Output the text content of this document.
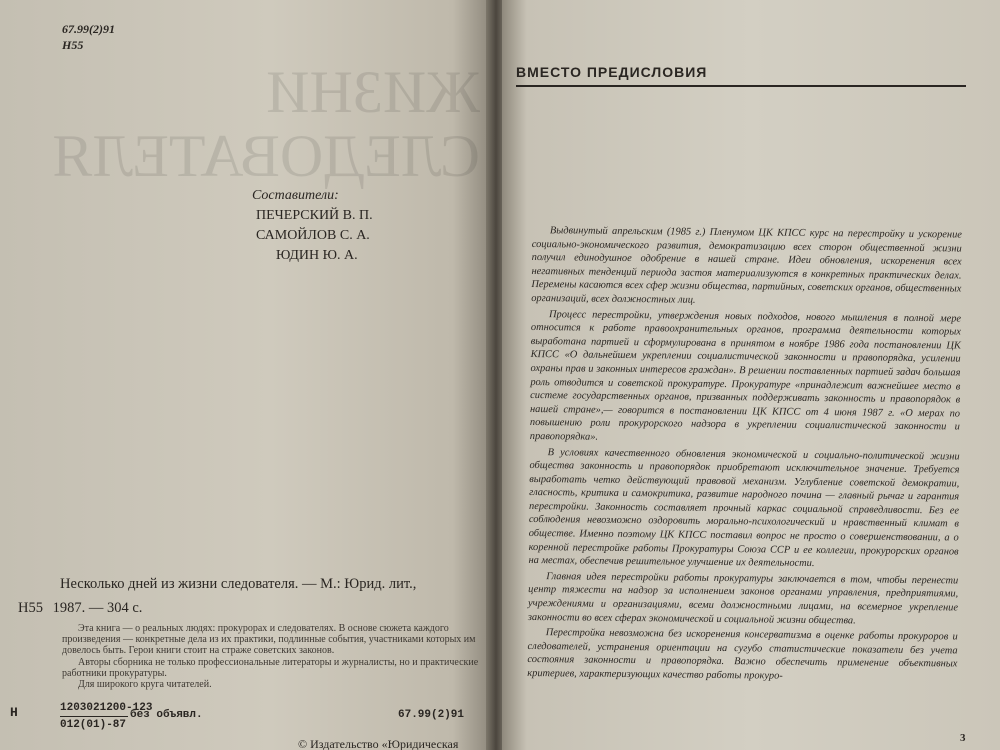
ЖИЗНИ СЛЕДОВАТЕЛЯ
67.99(2)91
Н55
Составители:
ПЕЧЕРСКИЙ В. П.
САМОЙЛОВ С. А.
ЮДИН Ю. А.
Несколько дней из жизни следователя. — М.: Юрид. лит.,
Н55 1987. — 304 с.

Эта книга — о реальных людях: прокурорах и следователях. В основе сюжета каждого произведения — конкретные дела из их практики, подлинные события, участниками которых им довелось быть. Герои книги стоит на страже советских законов.

Авторы сборника не только профессиональные литераторы и журналисты, но и практические работники прокуратуры.

Для широкого круга читателей.

Н	1203021200-123
012(01)-87
без объявл.	67.99(2)91
© Издательство «Юридическая
ВМЕСТО ПРЕДИСЛОВИЯ

Выдвинутый апрельским (1985 г.) Пленумом ЦК КПСС курс на перестройку и ускорение социально-экономического развития, демократизацию всех сторон общественной жизни получил единодушное одобрение в нашей стране. Идеи обновления, искоренения всех негативных тенденций периода застоя материализуются в конкретных практических делах. Перемены касаются всех сфер жизни общества, партийных, советских органов, общественных организаций, всех должностных лиц.

Процесс перестройки, утверждения новых подходов, нового мышления в полной мере относится к работе правоохранительных органов, программа деятельности которых выработана партией и сформулирована в принятом в ноябре 1986 года постановлении ЦК КПСС «О дальнейшем укреплении социалистической законности и правопорядка, усилении охраны прав и законных интересов граждан». В решении поставленных партией задач большая роль отводится и советской прокуратуре. Прокуратуре «принадлежит важнейшее место в системе государственных органов, призванных поддерживать законность и правопорядок в нашей стране»,— говорится в постановлении ЦК КПСС от 4 июня 1987 г. «О мерах по повышению роли прокурорского надзора в укреплении социалистической законности и правопорядка».

В условиях качественного обновления экономической и социально-политической жизни общества законность и правопорядок приобретают исключительное значение. Требуется выработать четко действующий правовой механизм. Углубление советской демократии, гласность, критика и самокритика, развитие народного почина — главный рычаг и гарантия перестройки. Законность составляет прочный каркас социальной справедливости. Без ее соблюдения невозможно оздоровить морально-психологический и нравственный климат в обществе. Именно поэтому ЦК КПСС поставил вопрос не просто о совершенствовании, а о коренной перестройке работы Прокуратуры Союза ССР и ее коллегии, прокурорских органов на местах, обеспечив решительное улучшение их деятельности.

Главная идея перестройки работы прокуратуры заключается в том, чтобы перенести центр тяжести на надзор за исполнением законов органами управления, предприятиями, учреждениями и организациями, всеми должностными лицами, на всемерное укрепление законности во всех сферах экономической и социальной жизни общества.

Перестройка невозможна без искоренения консерватизма в оценке работы прокуроров и следователей, устранения ориентации на сугубо статистические показатели без учета состояния законности и правопорядка. Важно обеспечить применение объективных критериев, характеризующих качество работы прокуро-

3
